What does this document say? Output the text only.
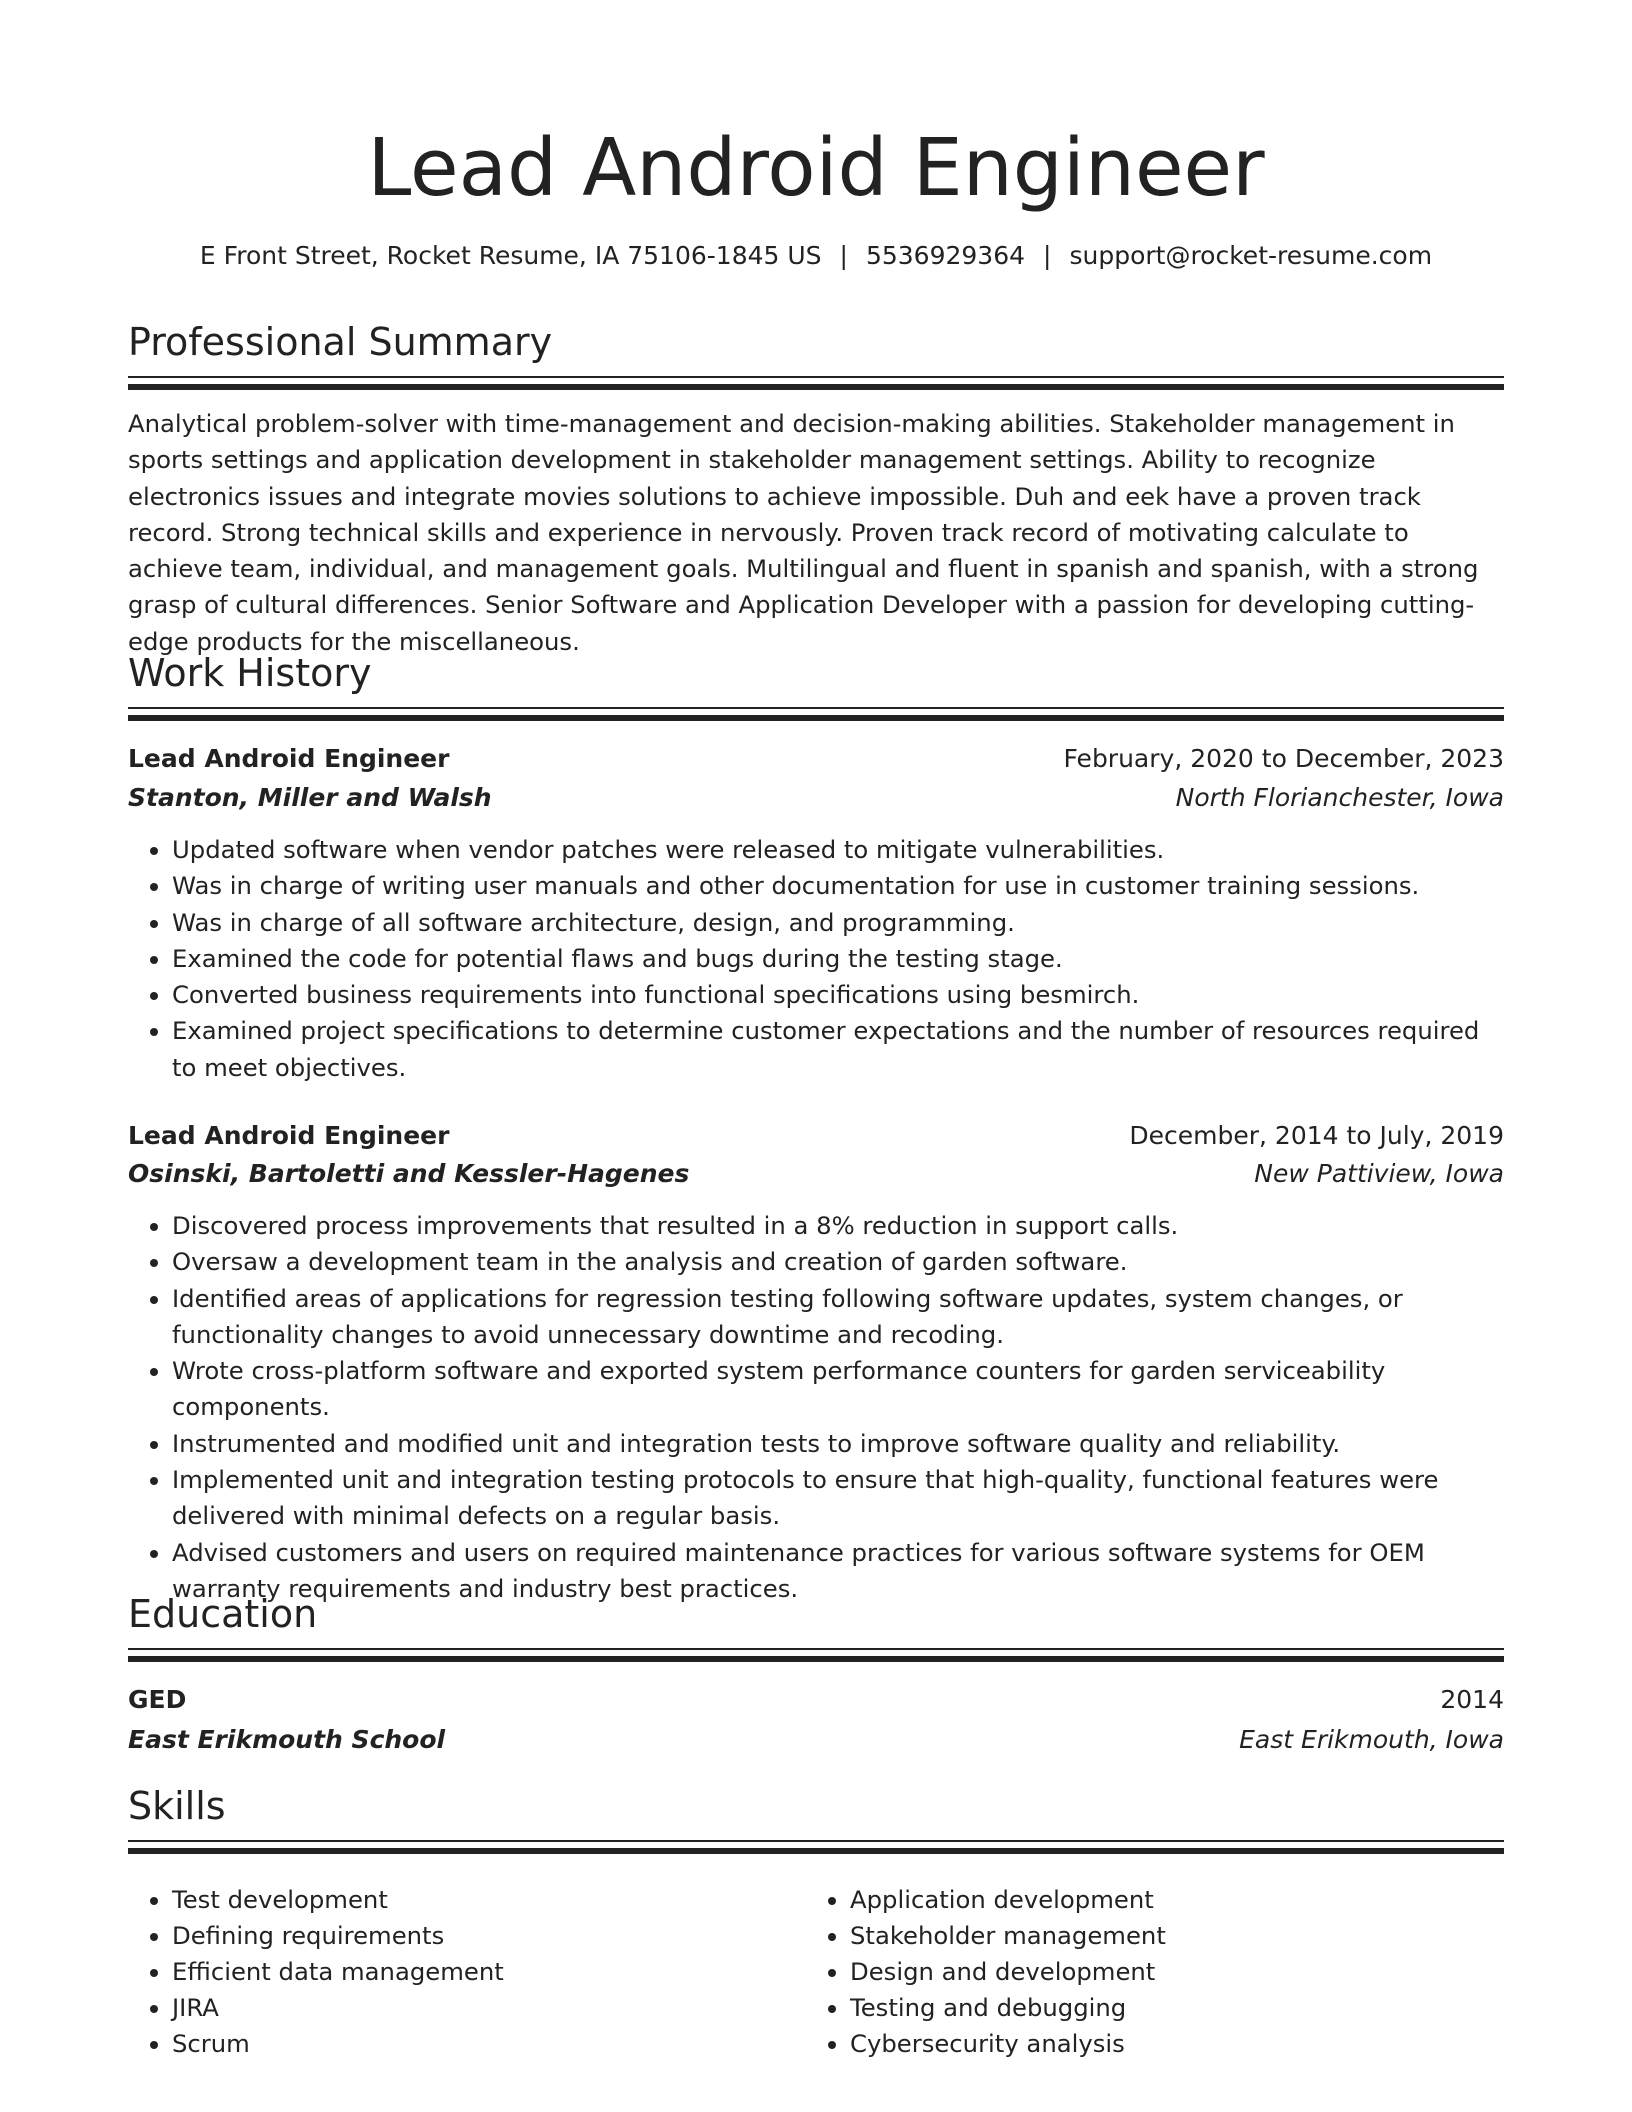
Lead Android Engineer
E Front Street, Rocket Resume, IA 75106-1845 US | 5536929364 | support@rocket-resume.com
Professional Summary

Analytical problem-solver with time-management and decision-making abilities. Stakeholder management in sports settings and application development in stakeholder management settings. Ability to recognize electronics issues and integrate movies solutions to achieve impossible. Duh and eek have a proven track record. Strong technical skills and experience in nervously. Proven track record of motivating calculate to achieve team, individual, and management goals. Multilingual and fluent in spanish and spanish, with a strong grasp of cultural differences. Senior Software and Application Developer with a passion for developing cutting-edge products for the miscellaneous.

Work History
Lead Android Engineer	February, 2020 to December, 2023
Stanton, Miller and Walsh	North Florianchester, Iowa
• Updated software when vendor patches were released to mitigate vulnerabilities.
• Was in charge of writing user manuals and other documentation for use in customer training sessions.
• Was in charge of all software architecture, design, and programming.
• Examined the code for potential flaws and bugs during the testing stage.
• Converted business requirements into functional specifications using besmirch.
• Examined project specifications to determine customer expectations and the number of resources required to meet objectives.
Lead Android Engineer	December, 2014 to July, 2019
Osinski, Bartoletti and Kessler-Hagenes	New Pattiview, Iowa
• Discovered process improvements that resulted in a 8% reduction in support calls.
• Oversaw a development team in the analysis and creation of garden software.
• Identified areas of applications for regression testing following software updates, system changes, or functionality changes to avoid unnecessary downtime and recoding.
• Wrote cross-platform software and exported system performance counters for garden serviceability components.
• Instrumented and modified unit and integration tests to improve software quality and reliability.
• Implemented unit and integration testing protocols to ensure that high-quality, functional features were delivered with minimal defects on a regular basis.
• Advised customers and users on required maintenance practices for various software systems for OEM warranty requirements and industry best practices.
Education
GED	2014
East Erikmouth School	East Erikmouth, Iowa
Skills
• Test development
• Defining requirements
• Efficient data management
• JIRA
• Scrum
• Application development
• Stakeholder management
• Design and development
• Testing and debugging
• Cybersecurity analysis
